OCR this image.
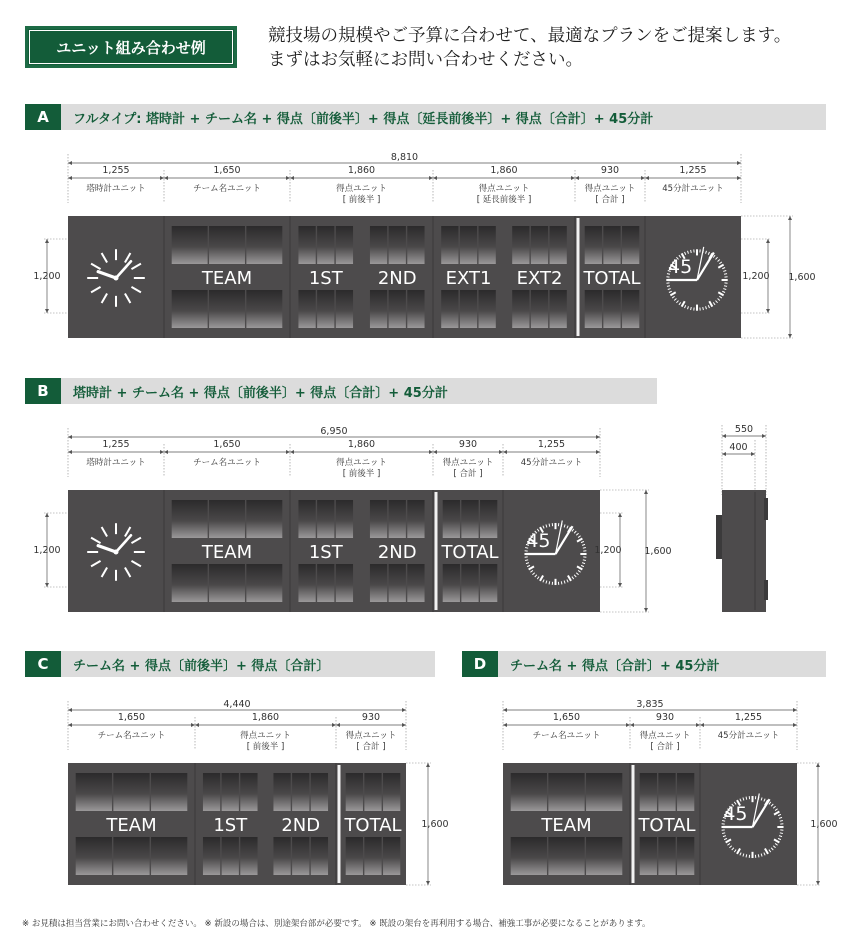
ユニット組み合わせ例
競技場の規模やご予算に合わせて、最適なプランをご提案します。
まずはお気軽にお問い合わせください。
A	フルタイプ: 塔時計 + チーム名 + 得点〔前後半〕+ 得点〔延長前後半〕+ 得点〔合計〕+ 45分計
B	塔時計 + チーム名 + 得点〔前後半〕+ 得点〔合計〕+ 45分計
C	チーム名 + 得点〔前後半〕+ 得点〔合計〕	D	チーム名 + 得点〔合計〕+ 45分計
8,810
1,255
塔時計ユニット
1,650
チーム名ユニット
1,860
得点ユニット
[ 前後半 ]
1,860
得点ユニット
[ 延長前後半 ]
930
得点ユニット
[ 合計 ]
1,255
45分計ユニット
TEAM	1ST 2ND EXT1 EXT2 TOTAL
45
1,200	1,200 1,600
6,950
1,255
塔時計ユニット
1,650
チーム名ユニット
1,860
得点ユニット
[ 前後半 ]
930
得点ユニット
[ 合計 ]
1,255
45分計ユニット
TEAM	1ST 2ND TOTAL
45
1,200	1,200 1,600
4,440
1,650
チーム名ユニット
1,860
得点ユニット
[ 前後半 ]
930
得点ユニット
[ 合計 ]
TEAM	1ST 2ND TOTAL 1,600
3,835
1,650
チーム名ユニット
930
得点ユニット
[ 合計 ]
1,255
45分計ユニット
TEAM	TOTAL
45	1,600
550
400
※ お見積は担当営業にお問い合わせください。 ※ 新設の場合は、別途架台部が必要です。 ※ 既設の架台を再利用する場合、補強工事が必要になることがあります。
